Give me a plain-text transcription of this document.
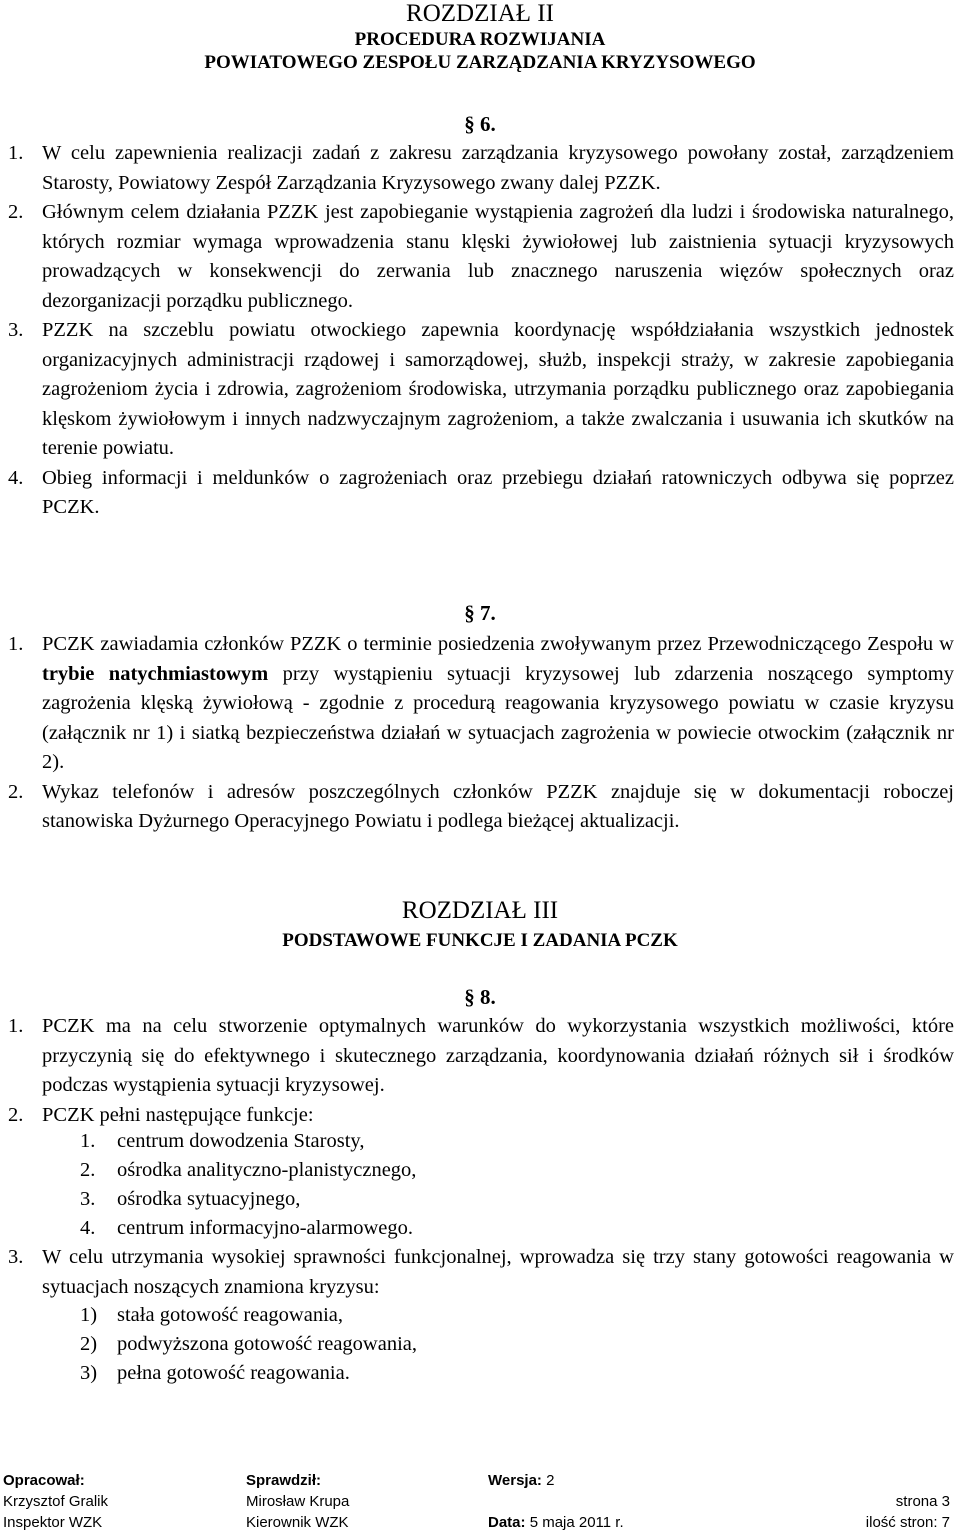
ROZDZIAŁ II

PROCEDURA ROZWIJANIA

POWIATOWEGO ZESPOŁU ZARZĄDZANIA KRYZYSOWEGO

§ 6.

1. W celu zapewnienia realizacji zadań z zakresu zarządzania kryzysowego powołany został, zarządzeniem Starosty, Powiatowy Zespół Zarządzania Kryzysowego zwany dalej PZZK.
2. Głównym celem działania PZZK jest zapobieganie wystąpienia zagrożeń dla ludzi i środowiska naturalnego, których rozmiar wymaga wprowadzenia stanu klęski żywiołowej lub zaistnienia sytuacji kryzysowych prowadzących w konsekwencji do zerwania lub znacznego naruszenia więzów społecznych oraz dezorganizacji porządku publicznego.
3. PZZK na szczeblu powiatu otwockiego zapewnia koordynację współdziałania wszystkich jednostek organizacyjnych administracji rządowej i samorządowej, służb, inspekcji straży, w zakresie zapobiegania zagrożeniom życia i zdrowia, zagrożeniom środowiska, utrzymania porządku publicznego oraz zapobiegania klęskom żywiołowym i innych nadzwyczajnym zagrożeniom, a także zwalczania i usuwania ich skutków na terenie powiatu.
4. Obieg informacji i meldunków o zagrożeniach oraz przebiegu działań ratowniczych odbywa się poprzez PCZK.

§ 7.

1. PCZK zawiadamia członków PZZK o terminie posiedzenia zwoływanym przez Przewodniczącego Zespołu w trybie natychmiastowym przy wystąpieniu sytuacji kryzysowej lub zdarzenia noszącego symptomy zagrożenia klęską żywiołową - zgodnie z procedurą reagowania kryzysowego powiatu w czasie kryzysu (załącznik nr 1) i siatką bezpieczeństwa działań w sytuacjach zagrożenia w powiecie otwockim (załącznik nr 2).
2. Wykaz telefonów i adresów poszczególnych członków PZZK znajduje się w dokumentacji roboczej stanowiska Dyżurnego Operacyjnego Powiatu i podlega bieżącej aktualizacji.

ROZDZIAŁ III

PODSTAWOWE FUNKCJE I ZADANIA PCZK

§ 8.

1. PCZK ma na celu stworzenie optymalnych warunków do wykorzystania wszystkich możliwości, które przyczynią się do efektywnego i skutecznego zarządzania, koordynowania działań różnych sił i środków podczas wystąpienia sytuacji kryzysowej.
2. PCZK pełni następujące funkcje:
1. centrum dowodzenia Starosty,
2. ośrodka analityczno-planistycznego,
3. ośrodka sytuacyjnego,
4. centrum informacyjno-alarmowego.
3. W celu utrzymania wysokiej sprawności funkcjonalnej, wprowadza się trzy stany gotowości reagowania w sytuacjach noszących znamiona kryzysu:
1) stała gotowość reagowania,
2) podwyższona gotowość reagowania,
3) pełna gotowość reagowania.
Opracował:	Sprawdził:	Wersja: 2
Krzysztof Gralik	Mirosław Krupa	strona 3
Inspektor WZK	Kierownik WZK	Data: 5 maja 2011 r.	ilość stron: 7
